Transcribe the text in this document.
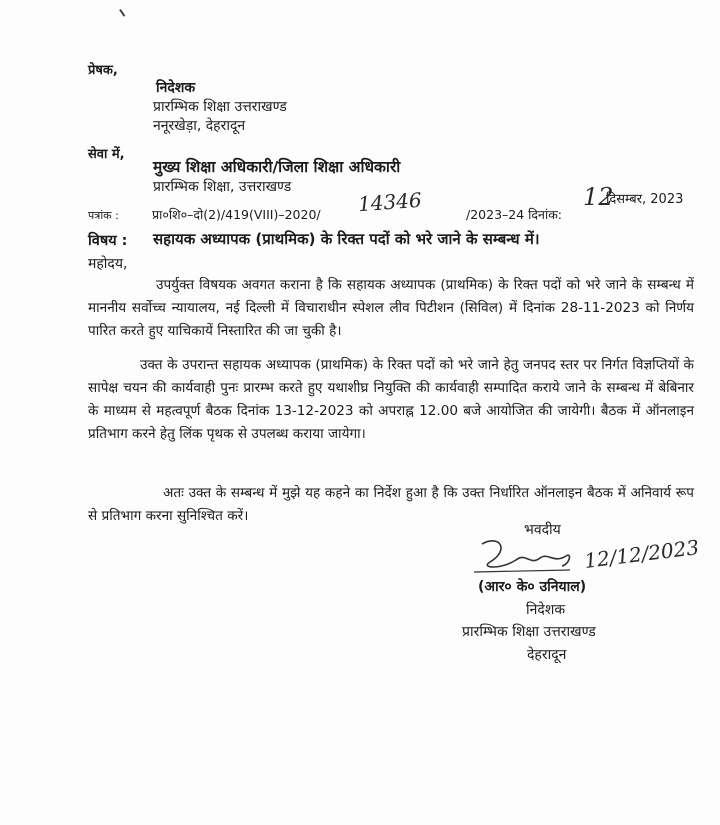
प्रेषक,
निदेशक
प्रारम्भिक शिक्षा उत्तराखण्ड
ननूरखेड़ा, देहरादून
सेवा में,
मुख्य शिक्षा अधिकारी/जिला शिक्षा अधिकारी
प्रारम्भिक शिक्षा, उत्तराखण्ड
पत्रांक :	प्रा०शि०–दो(2)/419(VIII)–2020/ 14346	/2023–24 दिनांक:
12
दिसम्बर, 2023
विषय : सहायक अध्यापक (प्राथमिक) के रिक्त पदों को भरे जाने के सम्बन्ध में।
महोदय,
उपर्युक्त विषयक अवगत कराना है कि सहायक अध्यापक (प्राथमिक) के रिक्त पदों को भरे जाने के सम्बन्ध में माननीय सर्वोच्च न्यायालय, नई दिल्ली में विचाराधीन स्पेशल लीव पिटीशन (सिविल) में दिनांक 28-11-2023 को निर्णय पारित करते हुए याचिकायें निस्तारित की जा चुकी है।
उक्त के उपरान्त सहायक अध्यापक (प्राथमिक) के रिक्त पदों को भरे जाने हेतु जनपद स्तर पर निर्गत विज्ञप्तियों के सापेक्ष चयन की कार्यवाही पुनः प्रारम्भ करते हुए यथाशीघ्र नियुक्ति की कार्यवाही सम्पादित कराये जाने के सम्बन्ध में बेबिनार के माध्यम से महत्वपूर्ण बैठक दिनांक 13-12-2023 को अपराह्न 12.00 बजे आयोजित की जायेगी। बैठक में ऑनलाइन प्रतिभाग करने हेतु लिंक पृथक से उपलब्ध कराया जायेगा।
अतः उक्त के सम्बन्ध में मुझे यह कहने का निर्देश हुआ है कि उक्त निर्धारित ऑनलाइन बैठक में अनिवार्य रूप से प्रतिभाग करना सुनिश्चित करें।
भवदीय
12/12/2023
(आर० के० उनियाल)
निदेशक
प्रारम्भिक शिक्षा उत्तराखण्ड
देहरादून
